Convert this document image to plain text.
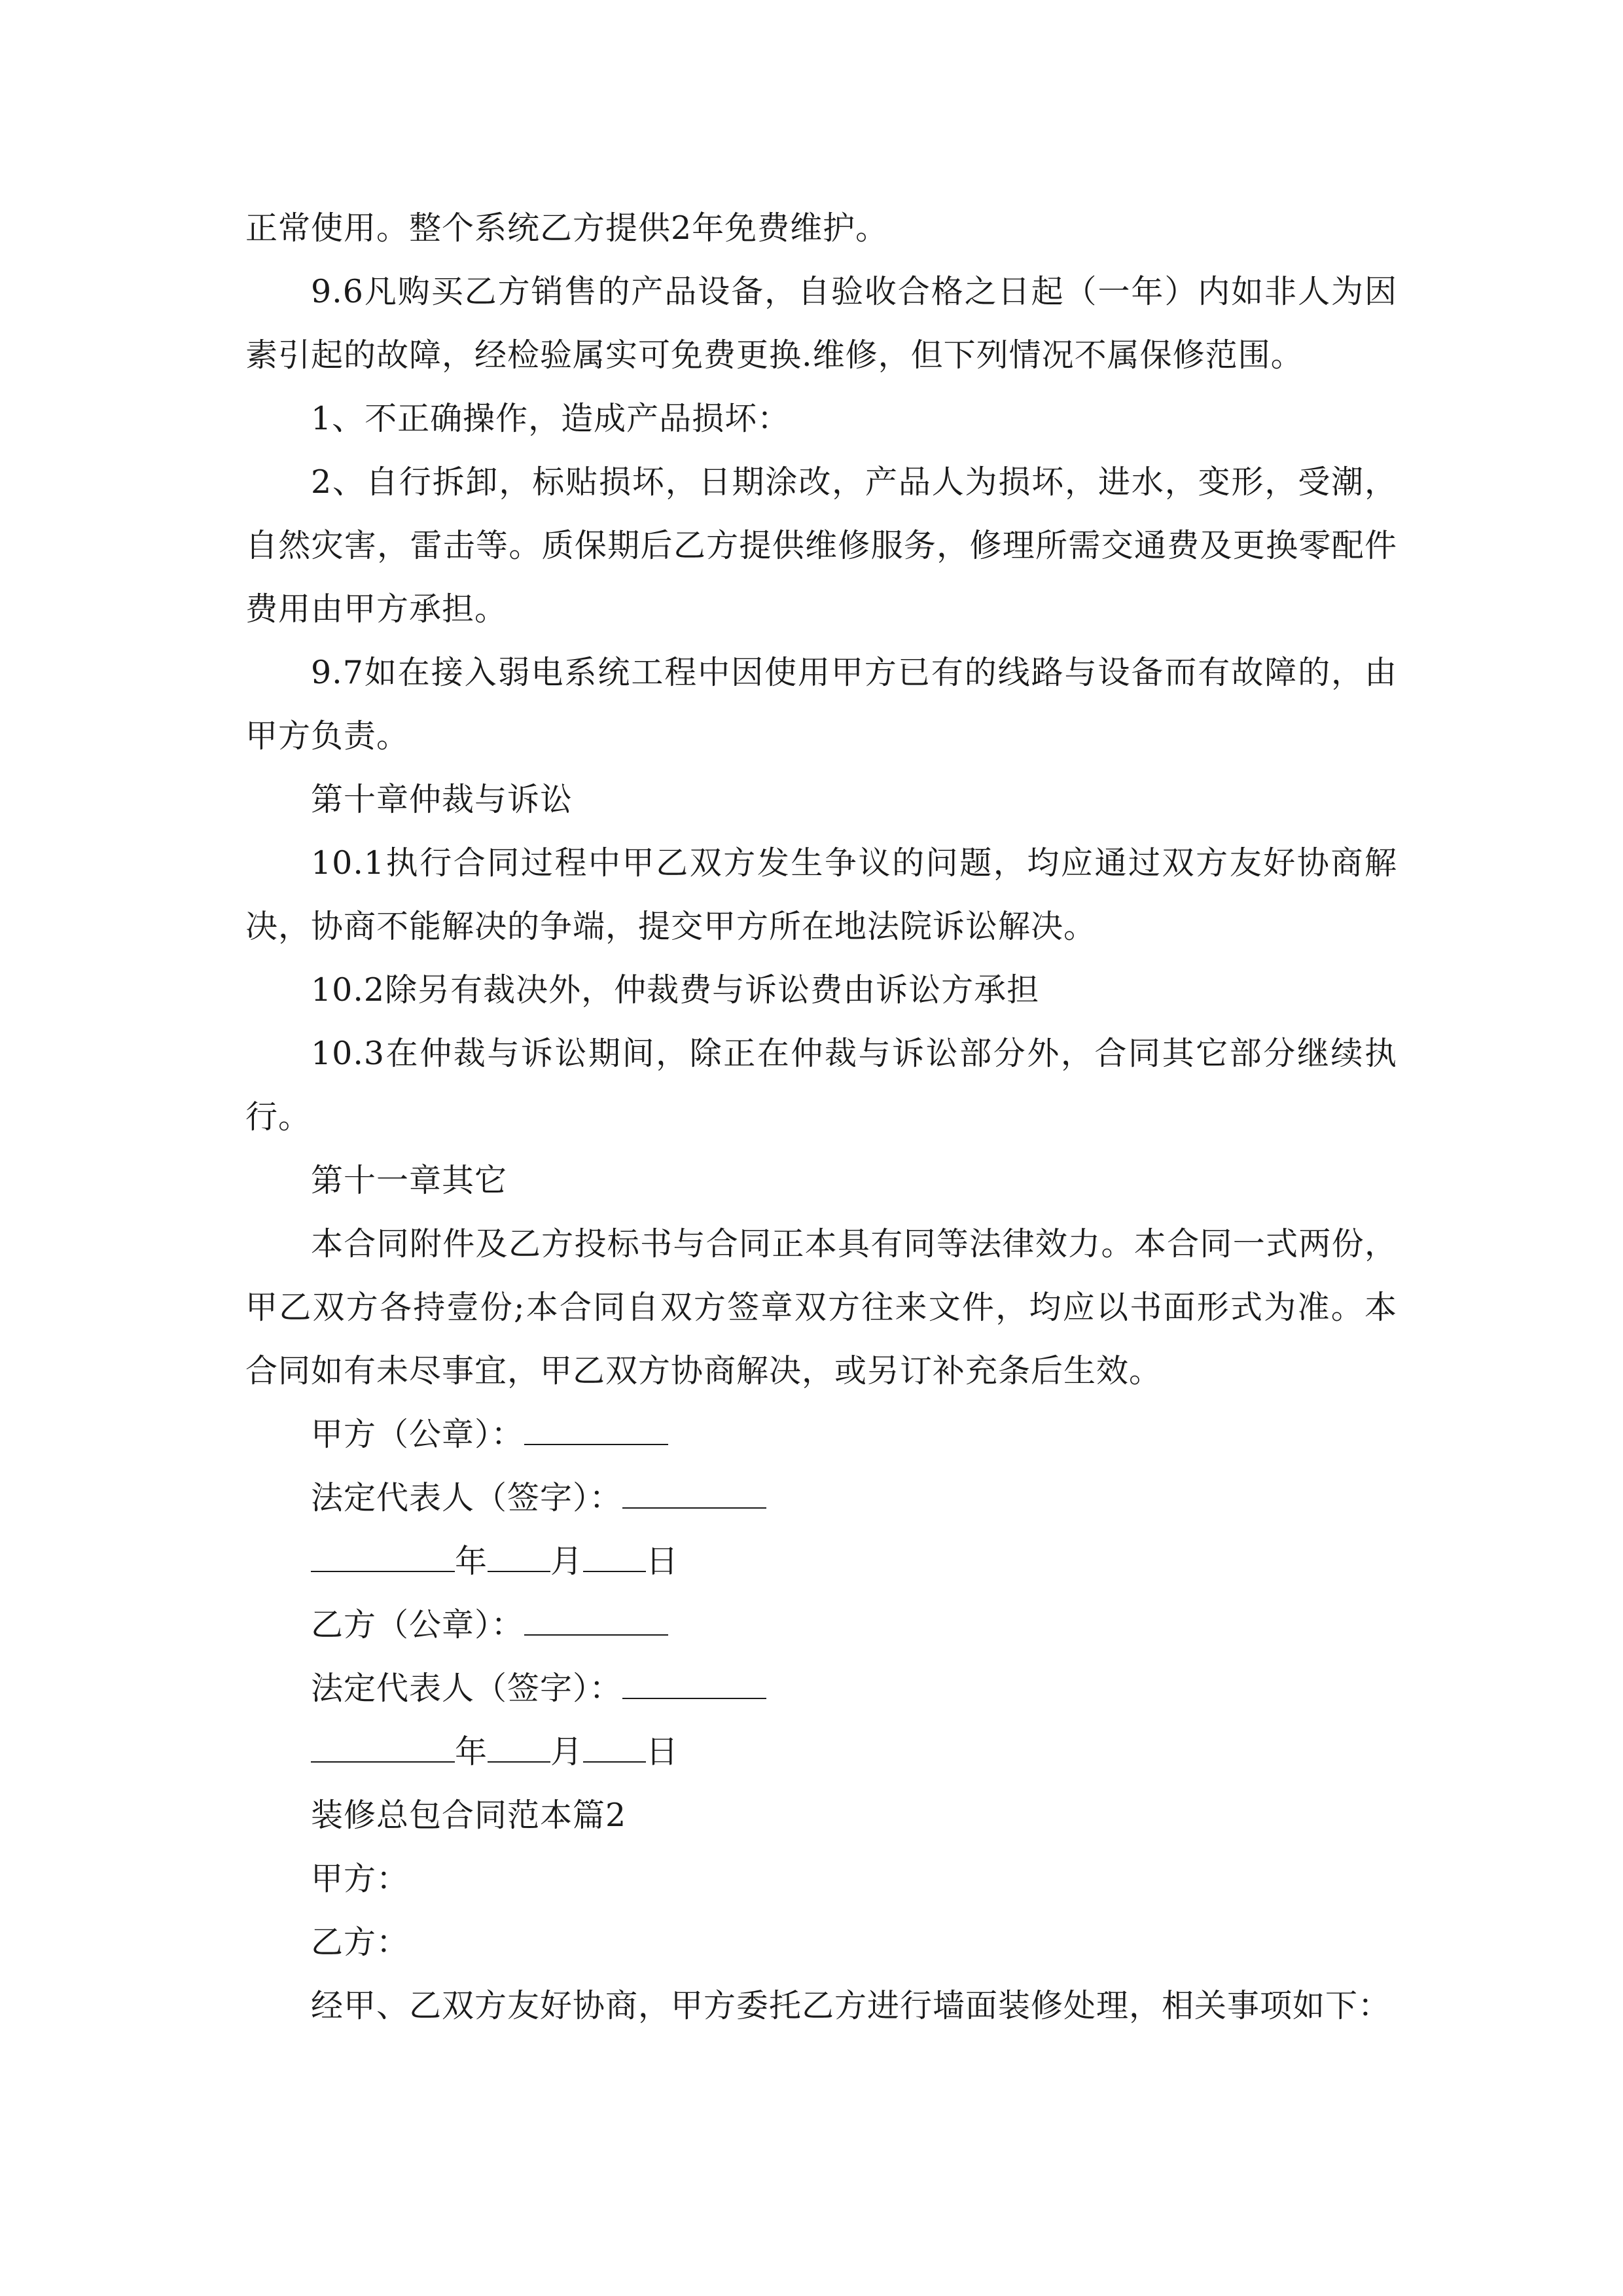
正常使用。整个系统乙方提供2年免费维护。

9.6凡购买乙方销售的产品设备，自验收合格之日起（一年）内如非人为因素引起的故障，经检验属实可免费更换.维修，但下列情况不属保修范围。

1、不正确操作，造成产品损坏：

2、自行拆卸，标贴损坏，日期涂改，产品人为损坏，进水，变形，受潮，自然灾害，雷击等。质保期后乙方提供维修服务，修理所需交通费及更换零配件费用由甲方承担。

9.7如在接入弱电系统工程中因使用甲方已有的线路与设备而有故障的，由甲方负责。

第十章仲裁与诉讼

10.1执行合同过程中甲乙双方发生争议的问题，均应通过双方友好协商解决，协商不能解决的争端，提交甲方所在地法院诉讼解决。

10.2除另有裁决外，仲裁费与诉讼费由诉讼方承担

10.3在仲裁与诉讼期间，除正在仲裁与诉讼部分外，合同其它部分继续执行。

第十一章其它

本合同附件及乙方投标书与合同正本具有同等法律效力。本合同一式两份，甲乙双方各持壹份;本合同自双方签章双方往来文件，均应以书面形式为准。本合同如有未尽事宜，甲乙双方协商解决，或另订补充条后生效。

甲方（公章）：
法定代表人（签字）：
年 月 日
乙方（公章）：
法定代表人（签字）：
年 月 日

装修总包合同范本篇2

甲方：

乙方：

经甲、乙双方友好协商，甲方委托乙方进行墙面装修处理，相关事项如下：
